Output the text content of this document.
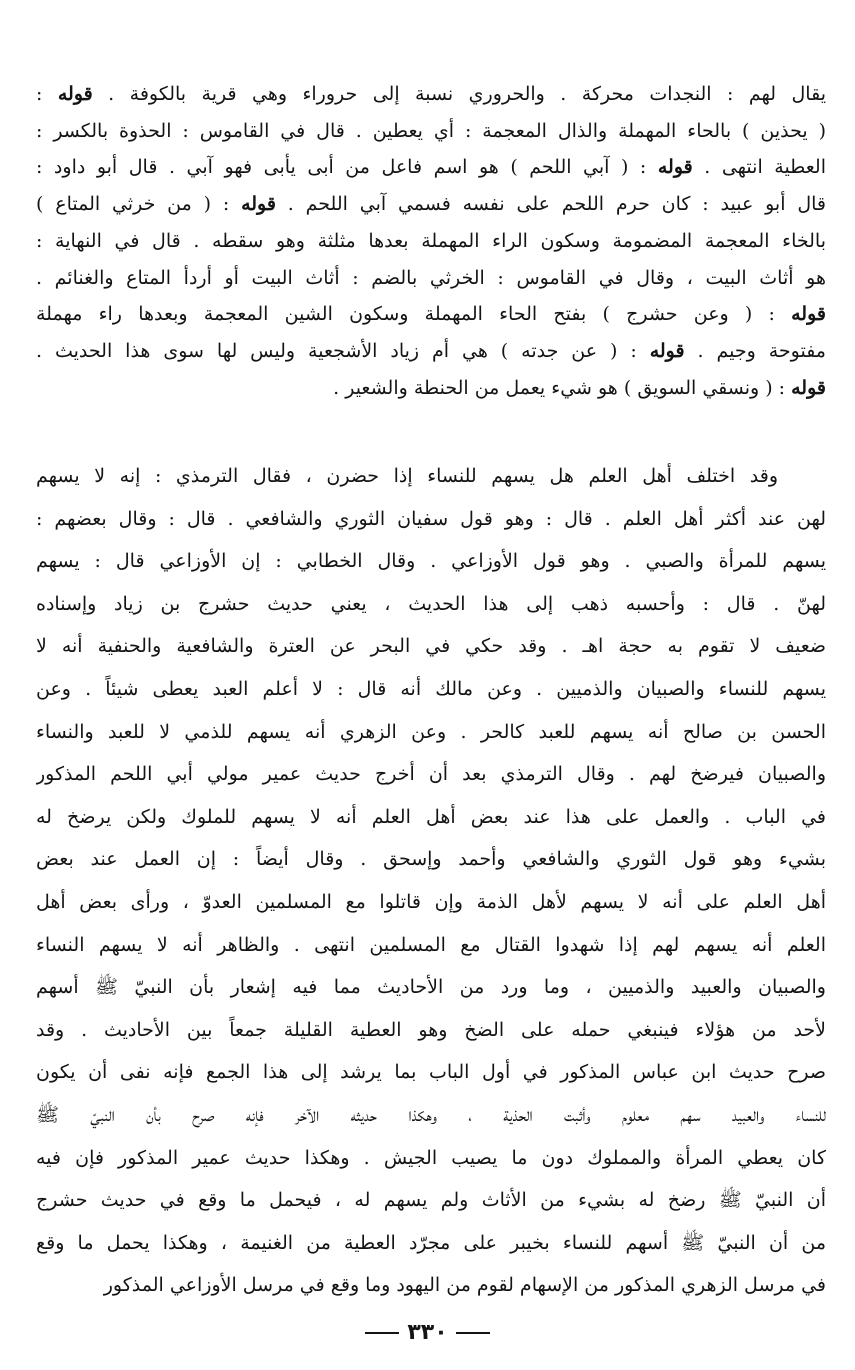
يقال لهم : النجدات محركة . والحروري نسبة إلى حروراء وهي قرية بالكوفة . قوله :
( يحذين ) بالحاء المهملة والذال المعجمة : أي يعطين . قال في القاموس : الحذوة بالكسر :
العطية انتهى . قوله : ( آبي اللحم ) هو اسم فاعل من أبى يأبى فهو آبي . قال أبو داود :
قال أبو عبيد : كان حرم اللحم على نفسه فسمي آبي اللحم . قوله : ( من خرثي المتاع )
بالخاء المعجمة المضمومة وسكون الراء المهملة بعدها مثلثة وهو سقطه . قال في النهاية :
هو أثاث البيت ، وقال في القاموس : الخرثي بالضم : أثاث البيت أو أردأ المتاع والغنائم .
قوله : ( وعن حشرج ) بفتح الحاء المهملة وسكون الشين المعجمة وبعدها راء مهملة
مفتوحة وجيم . قوله : ( عن جدته ) هي أم زياد الأشجعية وليس لها سوى هذا الحديث .
قوله : ( ونسقي السويق ) هو شيء يعمل من الحنطة والشعير .
وقد اختلف أهل العلم هل يسهم للنساء إذا حضرن ، فقال الترمذي : إنه لا يسهم
لهن عند أكثر أهل العلم . قال : وهو قول سفيان الثوري والشافعي . قال : وقال بعضهم :
يسهم للمرأة والصبي . وهو قول الأوزاعي . وقال الخطابي : إن الأوزاعي قال : يسهم
لهنّ . قال : وأحسبه ذهب إلى هذا الحديث ، يعني حديث حشرج بن زياد وإسناده
ضعيف لا تقوم به حجة اهـ . وقد حكي في البحر عن العترة والشافعية والحنفية أنه لا
يسهم للنساء والصبيان والذميين . وعن مالك أنه قال : لا أعلم العبد يعطى شيئاً . وعن
الحسن بن صالح أنه يسهم للعبد كالحر . وعن الزهري أنه يسهم للذمي لا للعبد والنساء
والصبيان فيرضخ لهم . وقال الترمذي بعد أن أخرج حديث عمير مولي أبي اللحم المذكور
في الباب . والعمل على هذا عند بعض أهل العلم أنه لا يسهم للملوك ولكن يرضخ له
بشيء وهو قول الثوري والشافعي وأحمد وإسحق . وقال أيضاً : إن العمل عند بعض
أهل العلم على أنه لا يسهم لأهل الذمة وإن قاتلوا مع المسلمين العدوّ ، ورأى بعض أهل
العلم أنه يسهم لهم إذا شهدوا القتال مع المسلمين انتهى . والظاهر أنه لا يسهم النساء
والصبيان والعبيد والذميين ، وما ورد من الأحاديث مما فيه إشعار بأن النبيّ ﷺ أسهم
لأحد من هؤلاء فينبغي حمله على الضخ وهو العطية القليلة جمعاً بين الأحاديث . وقد
صرح حديث ابن عباس المذكور في أول الباب بما يرشد إلى هذا الجمع فإنه نفى أن يكون
للنساء والعبيد سهم معلوم وأثبت الحذية ، وهكذا حديثه الآخر فإنه صرح بأن النبيّ ﷺ
كان يعطي المرأة والمملوك دون ما يصيب الجيش . وهكذا حديث عمير المذكور فإن فيه
أن النبيّ ﷺ رضخ له بشيء من الأثاث ولم يسهم له ، فيحمل ما وقع في حديث حشرج
من أن النبيّ ﷺ أسهم للنساء بخيبر على مجرّد العطية من الغنيمة ، وهكذا يحمل ما وقع
في مرسل الزهري المذكور من الإسهام لقوم من اليهود وما وقع في مرسل الأوزاعي المذكور
٣٣٠
